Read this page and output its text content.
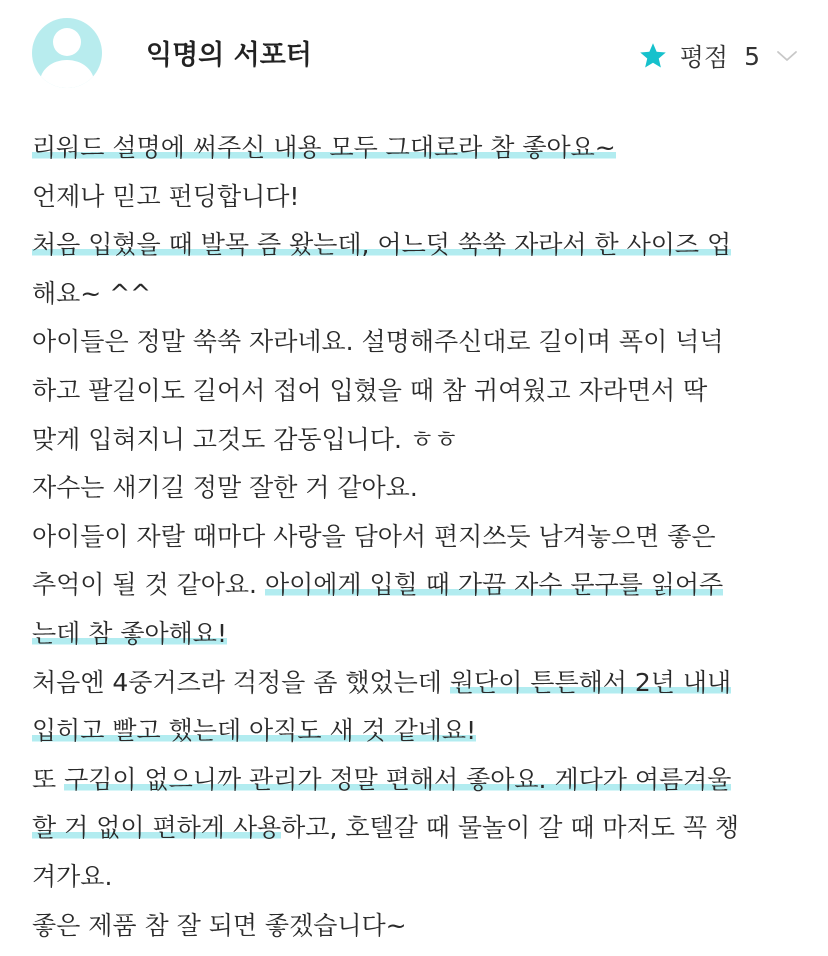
익명의 서포터	평점 5
리워드 설명에 써주신 내용 모두 그대로라 참 좋아요~
언제나 믿고 펀딩합니다!
처음 입혔을 때 발목 즘 왔는데, 어느덧 쑥쑥 자라서 한 사이즈 업
해요~ ^^
아이들은 정말 쑥쑥 자라네요. 설명해주신대로 길이며 폭이 넉넉
하고 팔길이도 길어서 접어 입혔을 때 참 귀여웠고 자라면서 딱
맞게 입혀지니 고것도 감동입니다. ㅎㅎ
자수는 새기길 정말 잘한 거 같아요.
아이들이 자랄 때마다 사랑을 담아서 편지쓰듯 남겨놓으면 좋은
추억이 될 것 같아요. 아이에게 입힐 때 가끔 자수 문구를 읽어주
는데 참 좋아해요!
처음엔 4중거즈라 걱정을 좀 했었는데 원단이 튼튼해서 2년 내내
입히고 빨고 했는데 아직도 새 것 같네요!
또 구김이 없으니까 관리가 정말 편해서 좋아요. 게다가 여름겨울
할 거 없이 편하게 사용하고, 호텔갈 때 물놀이 갈 때 마저도 꼭 챙
겨가요.
좋은 제품 참 잘 되면 좋겠습니다~
